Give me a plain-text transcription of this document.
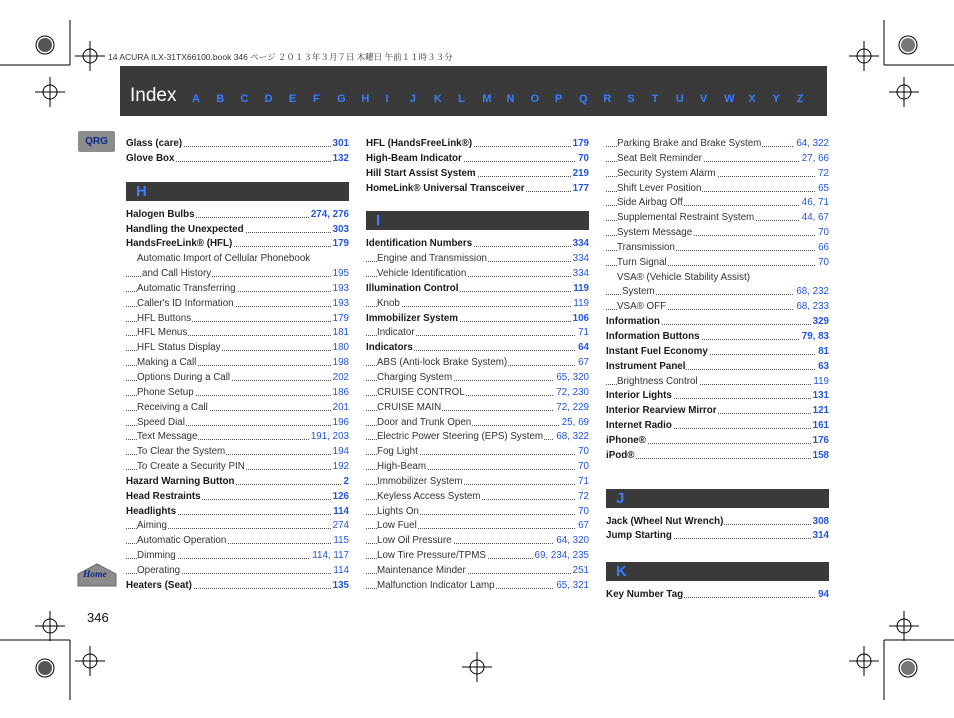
14 ACURA ILX-31TX66100.book 346 ページ ２０１３年３月７日 木曜日 午前１１時３３分
Index A	B	C	D	E	F	G	H	I	J	K	L	M	N	O	P	Q	R	S	T	U	V	W	X	Y	Z
QRG
Home
346
Glass (care)	301
Glove Box	132
H
Halogen Bulbs	274, 276
Handling the Unexpected	303
HandsFreeLink® (HFL)	179
Automatic Import of Cellular Phonebook
and Call History	195
Automatic Transferring	193
Caller's ID Information	193
HFL Buttons	179
HFL Menus	181
HFL Status Display	180
Making a Call	198
Options During a Call	202
Phone Setup	186
Receiving a Call	201
Speed Dial	196
Text Message	191, 203
To Clear the System	194
To Create a Security PIN	192
Hazard Warning Button	2
Head Restraints	126
Headlights	114
Aiming	274
Automatic Operation	115
Dimming	114, 117
Operating	114
Heaters (Seat)	135
HFL (HandsFreeLink®)	179
High-Beam Indicator	70
Hill Start Assist System	219
HomeLink® Universal Transceiver	177
I
Identification Numbers	334
Engine and Transmission	334
Vehicle Identification	334
Illumination Control	119
Knob	119
Immobilizer System	106
Indicator	71
Indicators	64
ABS (Anti-lock Brake System)	67
Charging System	65, 320
CRUISE CONTROL	72, 230
CRUISE MAIN	72, 229
Door and Trunk Open	25, 69
Electric Power Steering (EPS) System 68, 322
Fog Light	70
High-Beam	70
Immobilizer System	71
Keyless Access System	72
Lights On	70
Low Fuel	67
Low Oil Pressure	64, 320
Low Tire Pressure/TPMS	69, 234, 235
Maintenance Minder	251
Malfunction Indicator Lamp	65, 321
Parking Brake and Brake System	64, 322
Seat Belt Reminder	27, 66
Security System Alarm	72
Shift Lever Position	65
Side Airbag Off	46, 71
Supplemental Restraint System	44, 67
System Message	70
Transmission	66
Turn Signal	70
VSA® (Vehicle Stability Assist)
System	68, 232
VSA® OFF	68, 233
Information	329
Information Buttons	79, 83
Instant Fuel Economy	81
Instrument Panel	63
Brightness Control	119
Interior Lights	131
Interior Rearview Mirror	121
Internet Radio	161
iPhone®	176
iPod®	158
J
Jack (Wheel Nut Wrench)	308
Jump Starting	314
K
Key Number Tag	94
